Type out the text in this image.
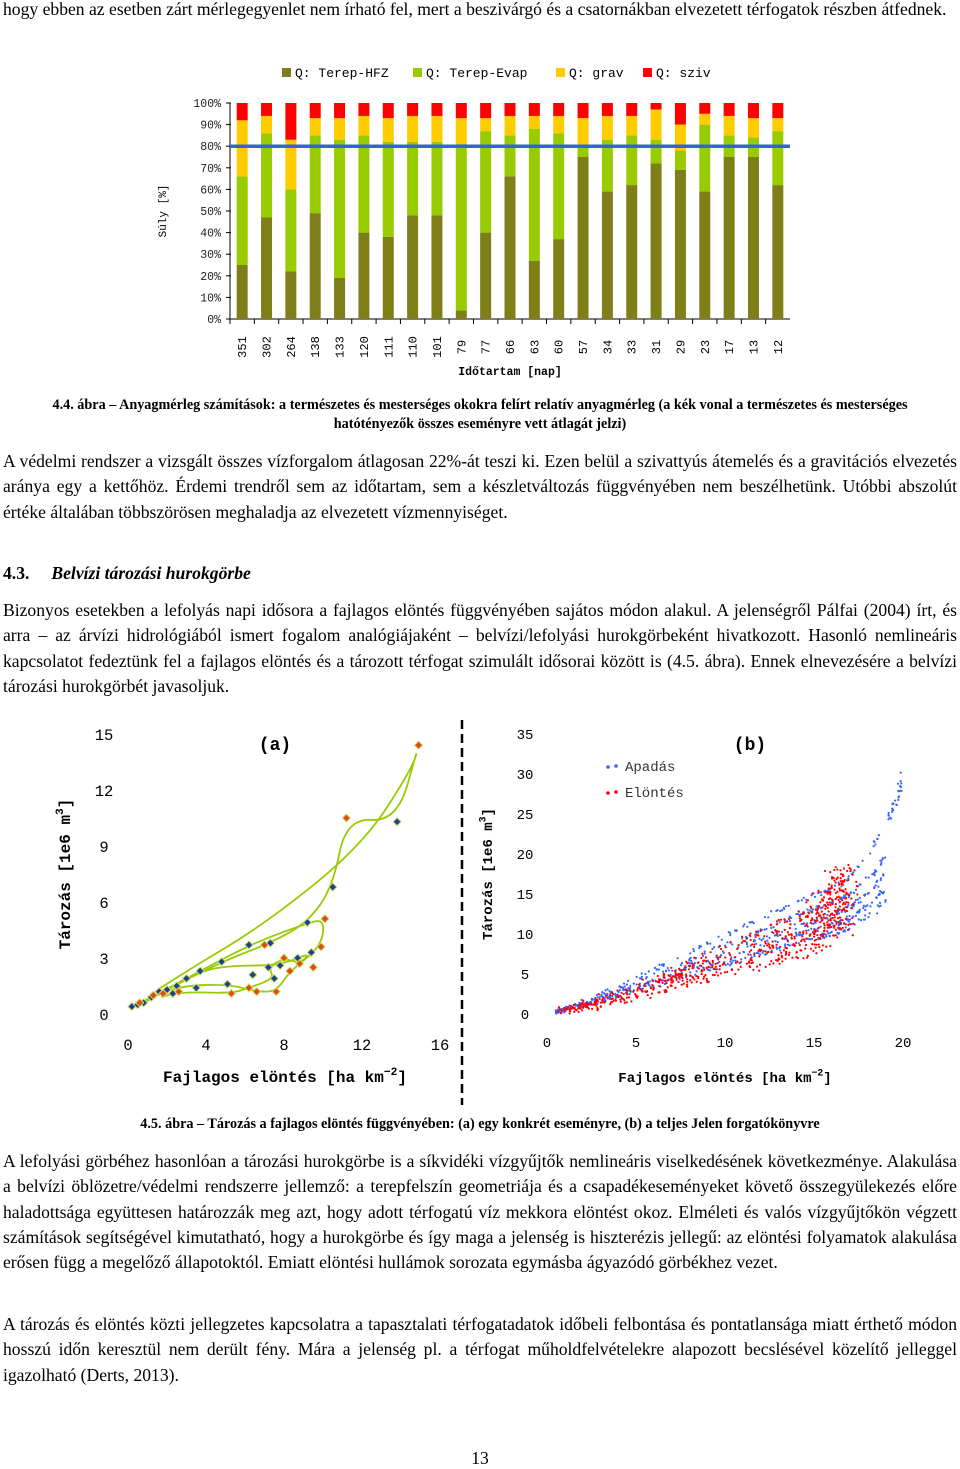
hogy ebben az esetben zárt mérlegegyenlet nem írható fel, mert a beszivárgó és a csatornákban elvezetett térfogatok részben átfednek.

Q: Terep-HFZ	Q: Terep-Evap	Q: grav Q: sziv
0%
10%
20%
30%
40%
50%
60%
70%
80%
90%
100%
Súly [%]
351 302 264 138 133 120 111 110 101 79 77 66 63 60 57 34 33 31 29 23 17 13 12
Időtartam [nap]

4.4. ábra – Anyagmérleg számítások: a természetes és mesterséges okokra felírt relatív anyagmérleg (a kék vonal a természetes és mesterséges hatótényezők összes eseményre vett átlagát jelzi)

A védelmi rendszer a vizsgált összes vízforgalom átlagosan 22%-át teszi ki. Ezen belül a szivattyús átemelés és a gravitációs elvezetés aránya egy a kettőhöz. Érdemi trendről sem az időtartam, sem a készletváltozás függvényében nem beszélhetünk. Utóbbi abszolút értéke általában többszörösen meghaladja az elvezetett vízmennyiséget.

4.3. Belvízi tározási hurokgörbe

Bizonyos esetekben a lefolyás napi idősora a fajlagos elöntés függvényében sajátos módon alakul. A jelenségről Pálfai (2004) írt, és arra – az árvízi hidrológiából ismert fogalom analógiájaként – belvízi/lefolyási hurokgörbeként hivatkozott. Hasonló nemlineáris kapcsolatot fedeztünk fel a fajlagos elöntés és a tározott térfogat szimulált idősorai között is (4.5. ábra). Ennek elnevezésére a belvízi tározási hurokgörbét javasoljuk.

0
3
6
9
12
15
0	4	8	12	16
(a)
Fajlagos elöntés [ha $km^{-2}$]
Tározás [1e6 $m^3$]
0
5
10
15
20
25
30
35
0	5	10	15	20
(b)
Fajlagos elöntés [ha $km^{-2}$]
Tározás [1e6 $m^3$]
Apadás
Elöntés

4.5. ábra – Tározás a fajlagos elöntés függvényében: (a) egy konkrét eseményre, (b) a teljes Jelen forgatókönyvre

A lefolyási görbéhez hasonlóan a tározási hurokgörbe is a síkvidéki vízgyűjtők nemlineáris viselkedésének következménye. Alakulása a belvízi öblözetre/védelmi rendszerre jellemző: a terepfelszín geometriája és a csapadékeseményeket követő összegyülekezés előre haladottsága együttesen határozzák meg azt, hogy adott térfogatú víz mekkora elöntést okoz. Elméleti és valós vízgyűjtőkön végzett számítások segítségével kimutatható, hogy a hurokgörbe és így maga a jelenség is hiszterézis jellegű: az elöntési folyamatok alakulása erősen függ a megelőző állapotoktól. Emiatt elöntési hullámok sorozata egymásba ágyazódó görbékhez vezet.

A tározás és elöntés közti jellegzetes kapcsolatra a tapasztalati térfogatadatok időbeli felbontása és pontatlansága miatt érthető módon hosszú időn keresztül nem derült fény. Mára a jelenség pl. a térfogat műholdfelvételekre alapozott becslésével közelítő jelleggel igazolható (Derts, 2013).

13
